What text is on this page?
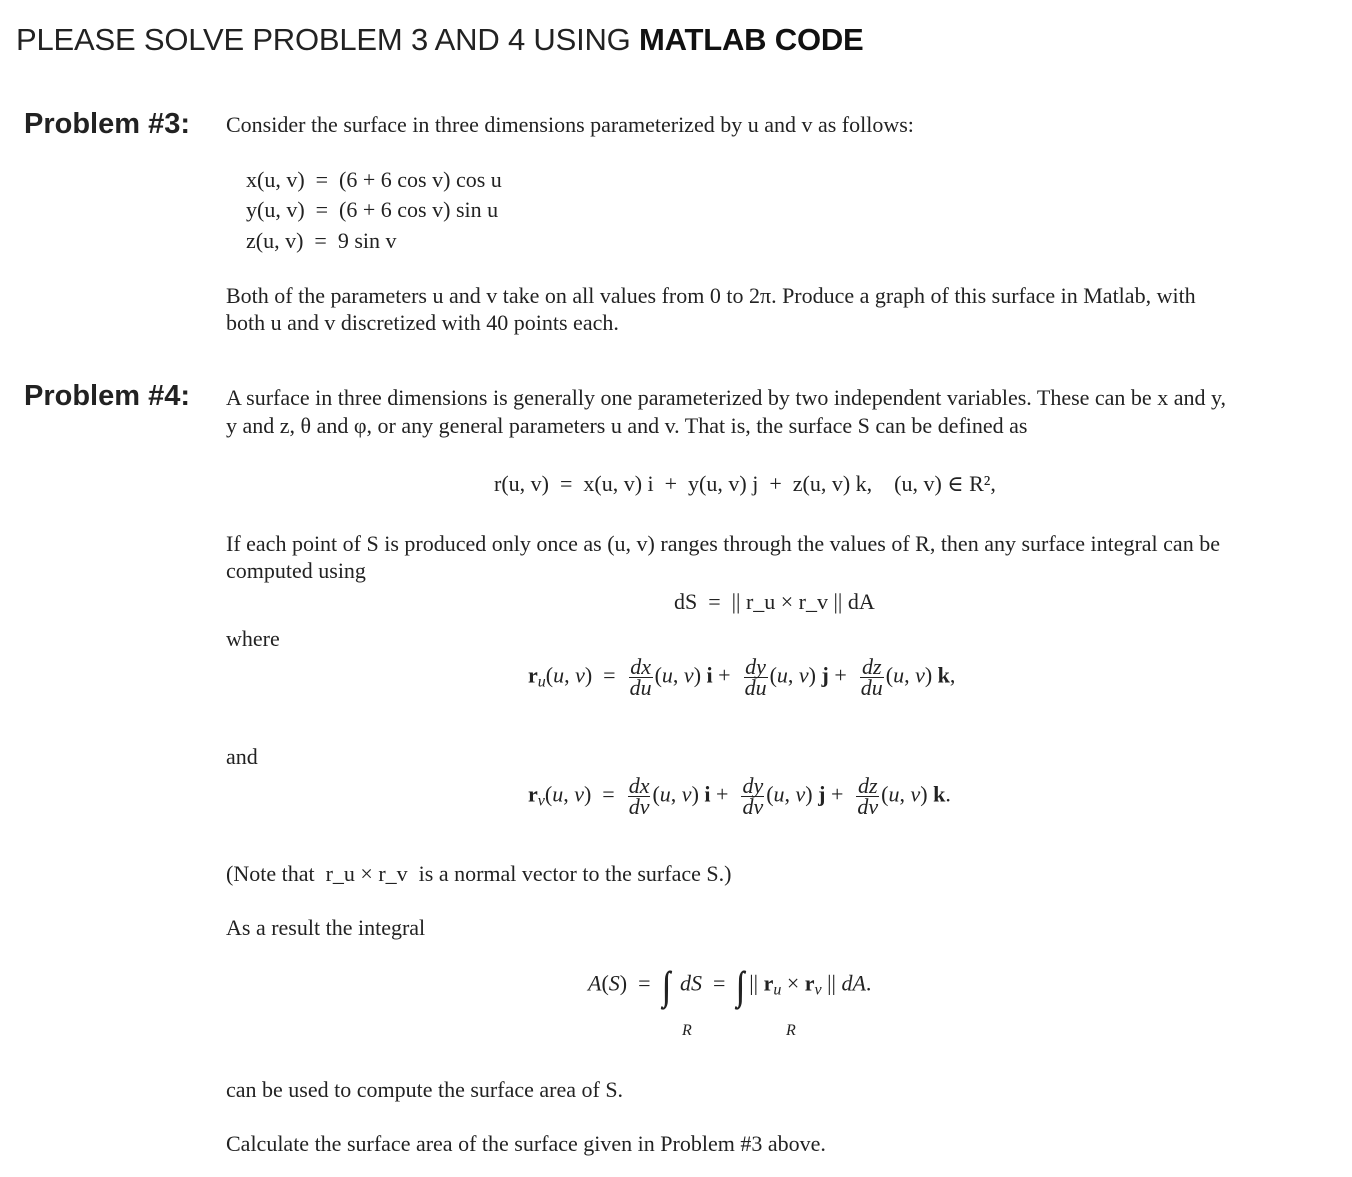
PLEASE SOLVE PROBLEM 3 AND 4 USING MATLAB CODE
Problem #3: Consider the surface in three dimensions parameterized by u and v as follows:
x(u, v)  =  (6 + 6 cos v) cos u
y(u, v)  =  (6 + 6 cos v) sin u
z(u, v)  =  9 sin v
Both of the parameters u and v take on all values from 0 to 2π. Produce a graph of this surface in Matlab, with
both u and v discretized with 40 points each.
Problem #4: A surface in three dimensions is generally one parameterized by two independent variables. These can be x and y,
y and z, θ and φ, or any general parameters u and v. That is, the surface S can be defined as
r(u, v)  =  x(u, v) i  +  y(u, v) j  +  z(u, v) k,    (u, v) ∈ R²,
If each point of S is produced only once as (u, v) ranges through the values of R, then any surface integral can be
computed using
dS  =  || r_u × r_v || dA
where
$r_u(u$, $v) = \frac{dx}{du} (u$, v) $i + \frac{dy}{du} (u$, v) $j + \frac{dz}{du} (u$, v) k,
and
$r_v(u$, $v) = \frac{dx}{dv} (u$, v) $i + \frac{dy}{dv} (u$, v) $j + \frac{dz}{dv} (u$, v) k.
(Note that  r_u × r_v  is a normal vector to the surface S.)
As a result the integral
A(S)  =  ∫∫ dS  =  ∫∫  || $r_u \times r_v$ || dA.
R	R
can be used to compute the surface area of S.
Calculate the surface area of the surface given in Problem #3 above.
